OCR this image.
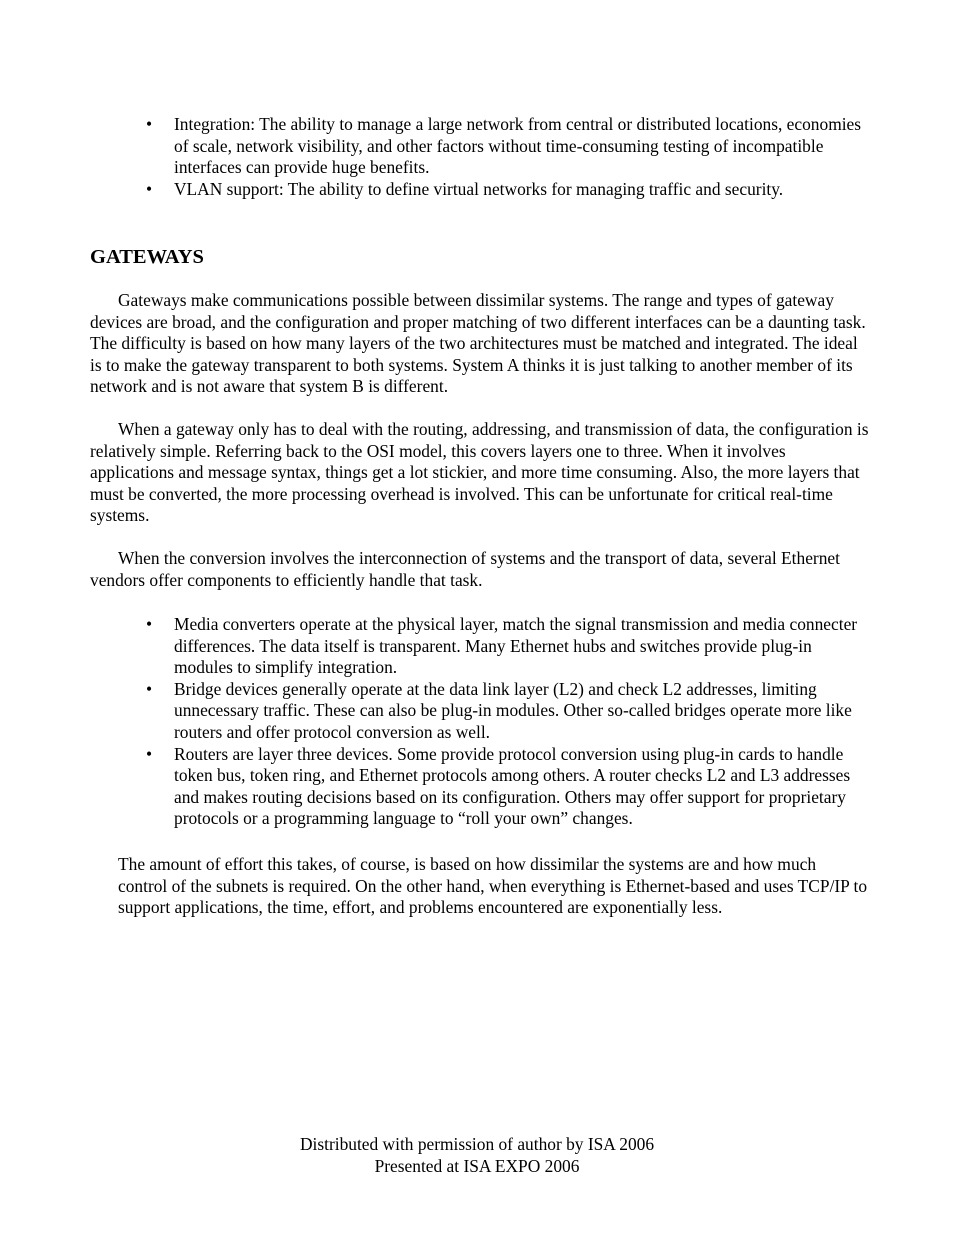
• Integration: The ability to manage a large network from central or distributed locations, economies of scale, network visibility, and other factors without time-consuming testing of incompatible interfaces can provide huge benefits.
• VLAN support: The ability to define virtual networks for managing traffic and security.
GATEWAYS

Gateways make communications possible between dissimilar systems. The range and types of gateway devices are broad, and the configuration and proper matching of two different interfaces can be a daunting task. The difficulty is based on how many layers of the two architectures must be matched and integrated. The ideal is to make the gateway transparent to both systems. System A thinks it is just talking to another member of its network and is not aware that system B is different.

When a gateway only has to deal with the routing, addressing, and transmission of data, the configuration is relatively simple. Referring back to the OSI model, this covers layers one to three. When it involves applications and message syntax, things get a lot stickier, and more time consuming. Also, the more layers that must be converted, the more processing overhead is involved. This can be unfortunate for critical real-time systems.

When the conversion involves the interconnection of systems and the transport of data, several Ethernet vendors offer components to efficiently handle that task.

• Media converters operate at the physical layer, match the signal transmission and media connecter differences. The data itself is transparent. Many Ethernet hubs and switches provide plug-in modules to simplify integration.
• Bridge devices generally operate at the data link layer (L2) and check L2 addresses, limiting unnecessary traffic. These can also be plug-in modules. Other so-called bridges operate more like routers and offer protocol conversion as well.
• Routers are layer three devices. Some provide protocol conversion using plug-in cards to handle token bus, token ring, and Ethernet protocols among others. A router checks L2 and L3 addresses and makes routing decisions based on its configuration. Others may offer support for proprietary protocols or a programming language to “roll your own” changes.

The amount of effort this takes, of course, is based on how dissimilar the systems are and how much control of the subnets is required. On the other hand, when everything is Ethernet-based and uses TCP/IP to support applications, the time, effort, and problems encountered are exponentially less.

Distributed with permission of author by ISA 2006
Presented at ISA EXPO 2006
